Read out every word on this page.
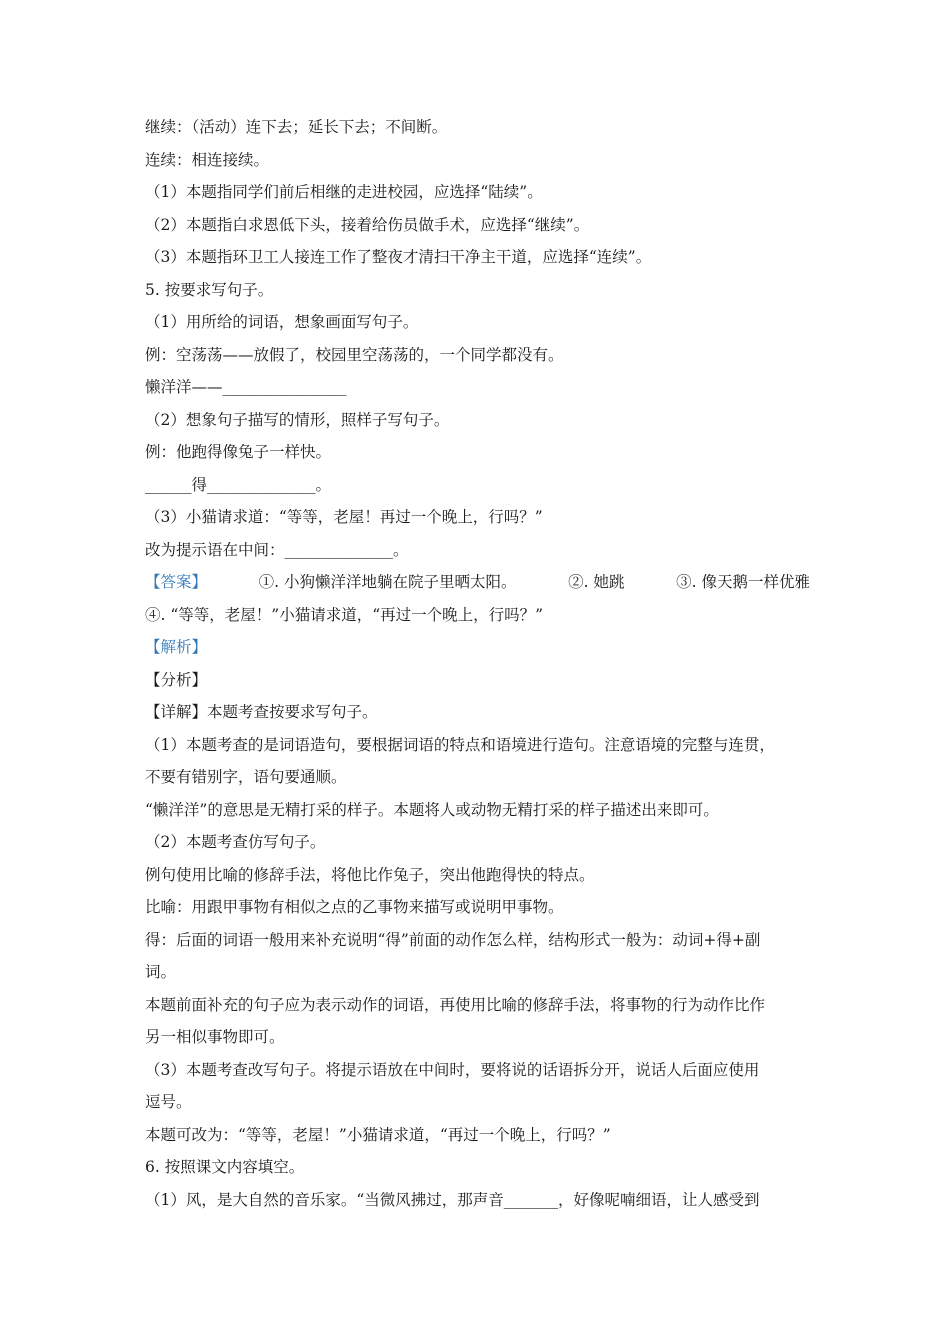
继续：（活动）连下去；延长下去；不间断。
连续：相连接续。
（1）本题指同学们前后相继的走进校园，应选择“陆续”。
（2）本题指白求恩低下头，接着给伤员做手术，应选择“继续”。
（3）本题指环卫工人接连工作了整夜才清扫干净主干道，应选择“连续”。
5. 按要求写句子。
（1）用所给的词语，想象画面写句子。
例：空荡荡——放假了，校园里空荡荡的，一个同学都没有。
懒洋洋——________________
（2）想象句子描写的情形，照样子写句子。
例：他跑得像兔子一样快。
______得______________。
（3）小猫请求道：“等等，老屋！再过一个晚上，行吗？”
改为提示语在中间：______________。
【答案】	①. 小狗懒洋洋地躺在院子里晒太阳。	②. 她跳	③. 像天鹅一样优雅
④. “等等，老屋！”小猫请求道，“再过一个晚上，行吗？”
【解析】
【分析】
【详解】本题考查按要求写句子。
（1）本题考查的是词语造句，要根据词语的特点和语境进行造句。注意语境的完整与连贯，
不要有错别字，语句要通顺。
“懒洋洋”的意思是无精打采的样子。本题将人或动物无精打采的样子描述出来即可。
（2）本题考查仿写句子。
例句使用比喻的修辞手法，将他比作兔子，突出他跑得快的特点。
比喻：用跟甲事物有相似之点的乙事物来描写或说明甲事物。
得：后面的词语一般用来补充说明“得”前面的动作怎么样，结构形式一般为：动词+得+副
词。
本题前面补充的句子应为表示动作的词语，再使用比喻的修辞手法，将事物的行为动作比作
另一相似事物即可。
（3）本题考查改写句子。将提示语放在中间时，要将说的话语拆分开，说话人后面应使用
逗号。
本题可改为：“等等，老屋！”小猫请求道，“再过一个晚上，行吗？”
6. 按照课文内容填空。
（1）风，是大自然的音乐家。“当微风拂过，那声音_______，好像呢喃细语，让人感受到
